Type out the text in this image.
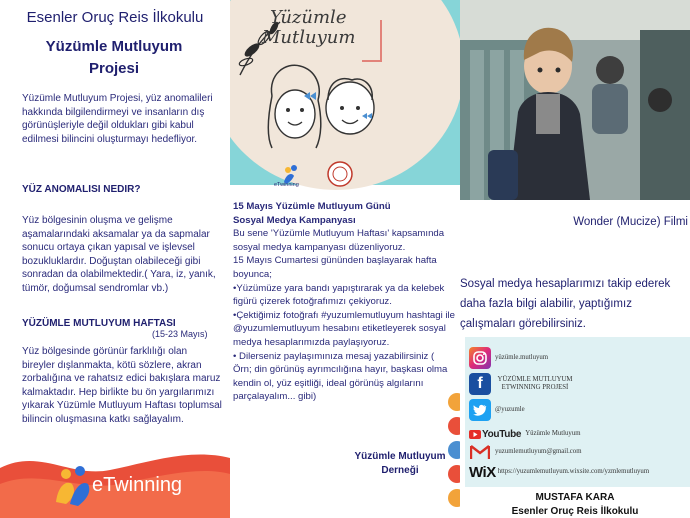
Esenler Oruç Reis İlkokulu
Yüzümle Mutluyum
Projesi
Yüzümle Mutluyum Projesi, yüz anomalileri hakkında bilgilendirmeyi ve insanların dış görünüşleriyle değil oldukları gibi kabul edilmesi bilincini oluşturmayı hedefliyor.
YÜZ ANOMALISI NEDIR?
Yüz bölgesinin oluşma ve gelişme aşamalarındaki aksamalar ya da sapmalar sonucu ortaya çıkan yapısal ve işlevsel bozukluklardır. Doğuştan olabileceği gibi sonradan da olabilmektedir.( Yara, iz, yanık, tümör, doğumsal sendromlar vb.)
YÜZÜMLE MUTLUYUM HAFTASI
(15-23 Mayıs)
Yüz bölgesinde görünür farklılığı olan bireyler dışlanmakta, kötü sözlere, akran zorbalığına ve rahatsız edici bakışlara maruz kalmaktadır. Hep birlikte bu ön yargılarımızı yıkarak Yüzümle Mutluyum Haftası toplumsal bilincin oluşmasına katkı sağlayalım.
eTwinning
Yüzümle
Mutluyum
eTwinning
15 Mayıs Yüzümle Mutluyum Günü
Sosyal Medya Kampanyası
Bu sene 'Yüzümle Mutluyum Haftası' kapsamında sosyal medya kampanyası düzenliyoruz.
15 Mayıs Cumartesi gününden başlayarak hafta boyunca;
•Yüzümüze yara bandı yapıştırarak ya da kelebek figürü çizerek fotoğrafımızı çekiyoruz.
•Çektiğimiz fotoğrafı #yuzumlemutluyum hashtagi ile @yuzumlemutluyum hesabını etiketleyerek sosyal medya hesaplarımızda paylaşıyoruz.
• Dilerseniz paylaşımınıza mesaj yazabilirsiniz ( Örn; din görünüş ayrımcılığına hayır, başkası olma kendin ol, yüz eşitliği, ideal görünüş algılarını parçalayalım... gibi)
Yüzümle Mutluyum
Derneği
Wonder (Mucize) Filmi
Sosyal medya hesaplarımızı takip ederek daha fazla bilgi alabilir, yaptığımız çalışmaları görebilirsiniz.
yüzümle.mutluyum
f	YÜZÜMLE MUTLUYUM ETWINNING PROJESİ
@yuzumle
YouTube Yüzümle Mutluyum
yuzumlemutluyum@gmail.com
WiX https://yuzumlemutluyum.wixsite.com/yzmlemutluyum
MUSTAFA KARA
Esenler Oruç Reis İlkokulu
